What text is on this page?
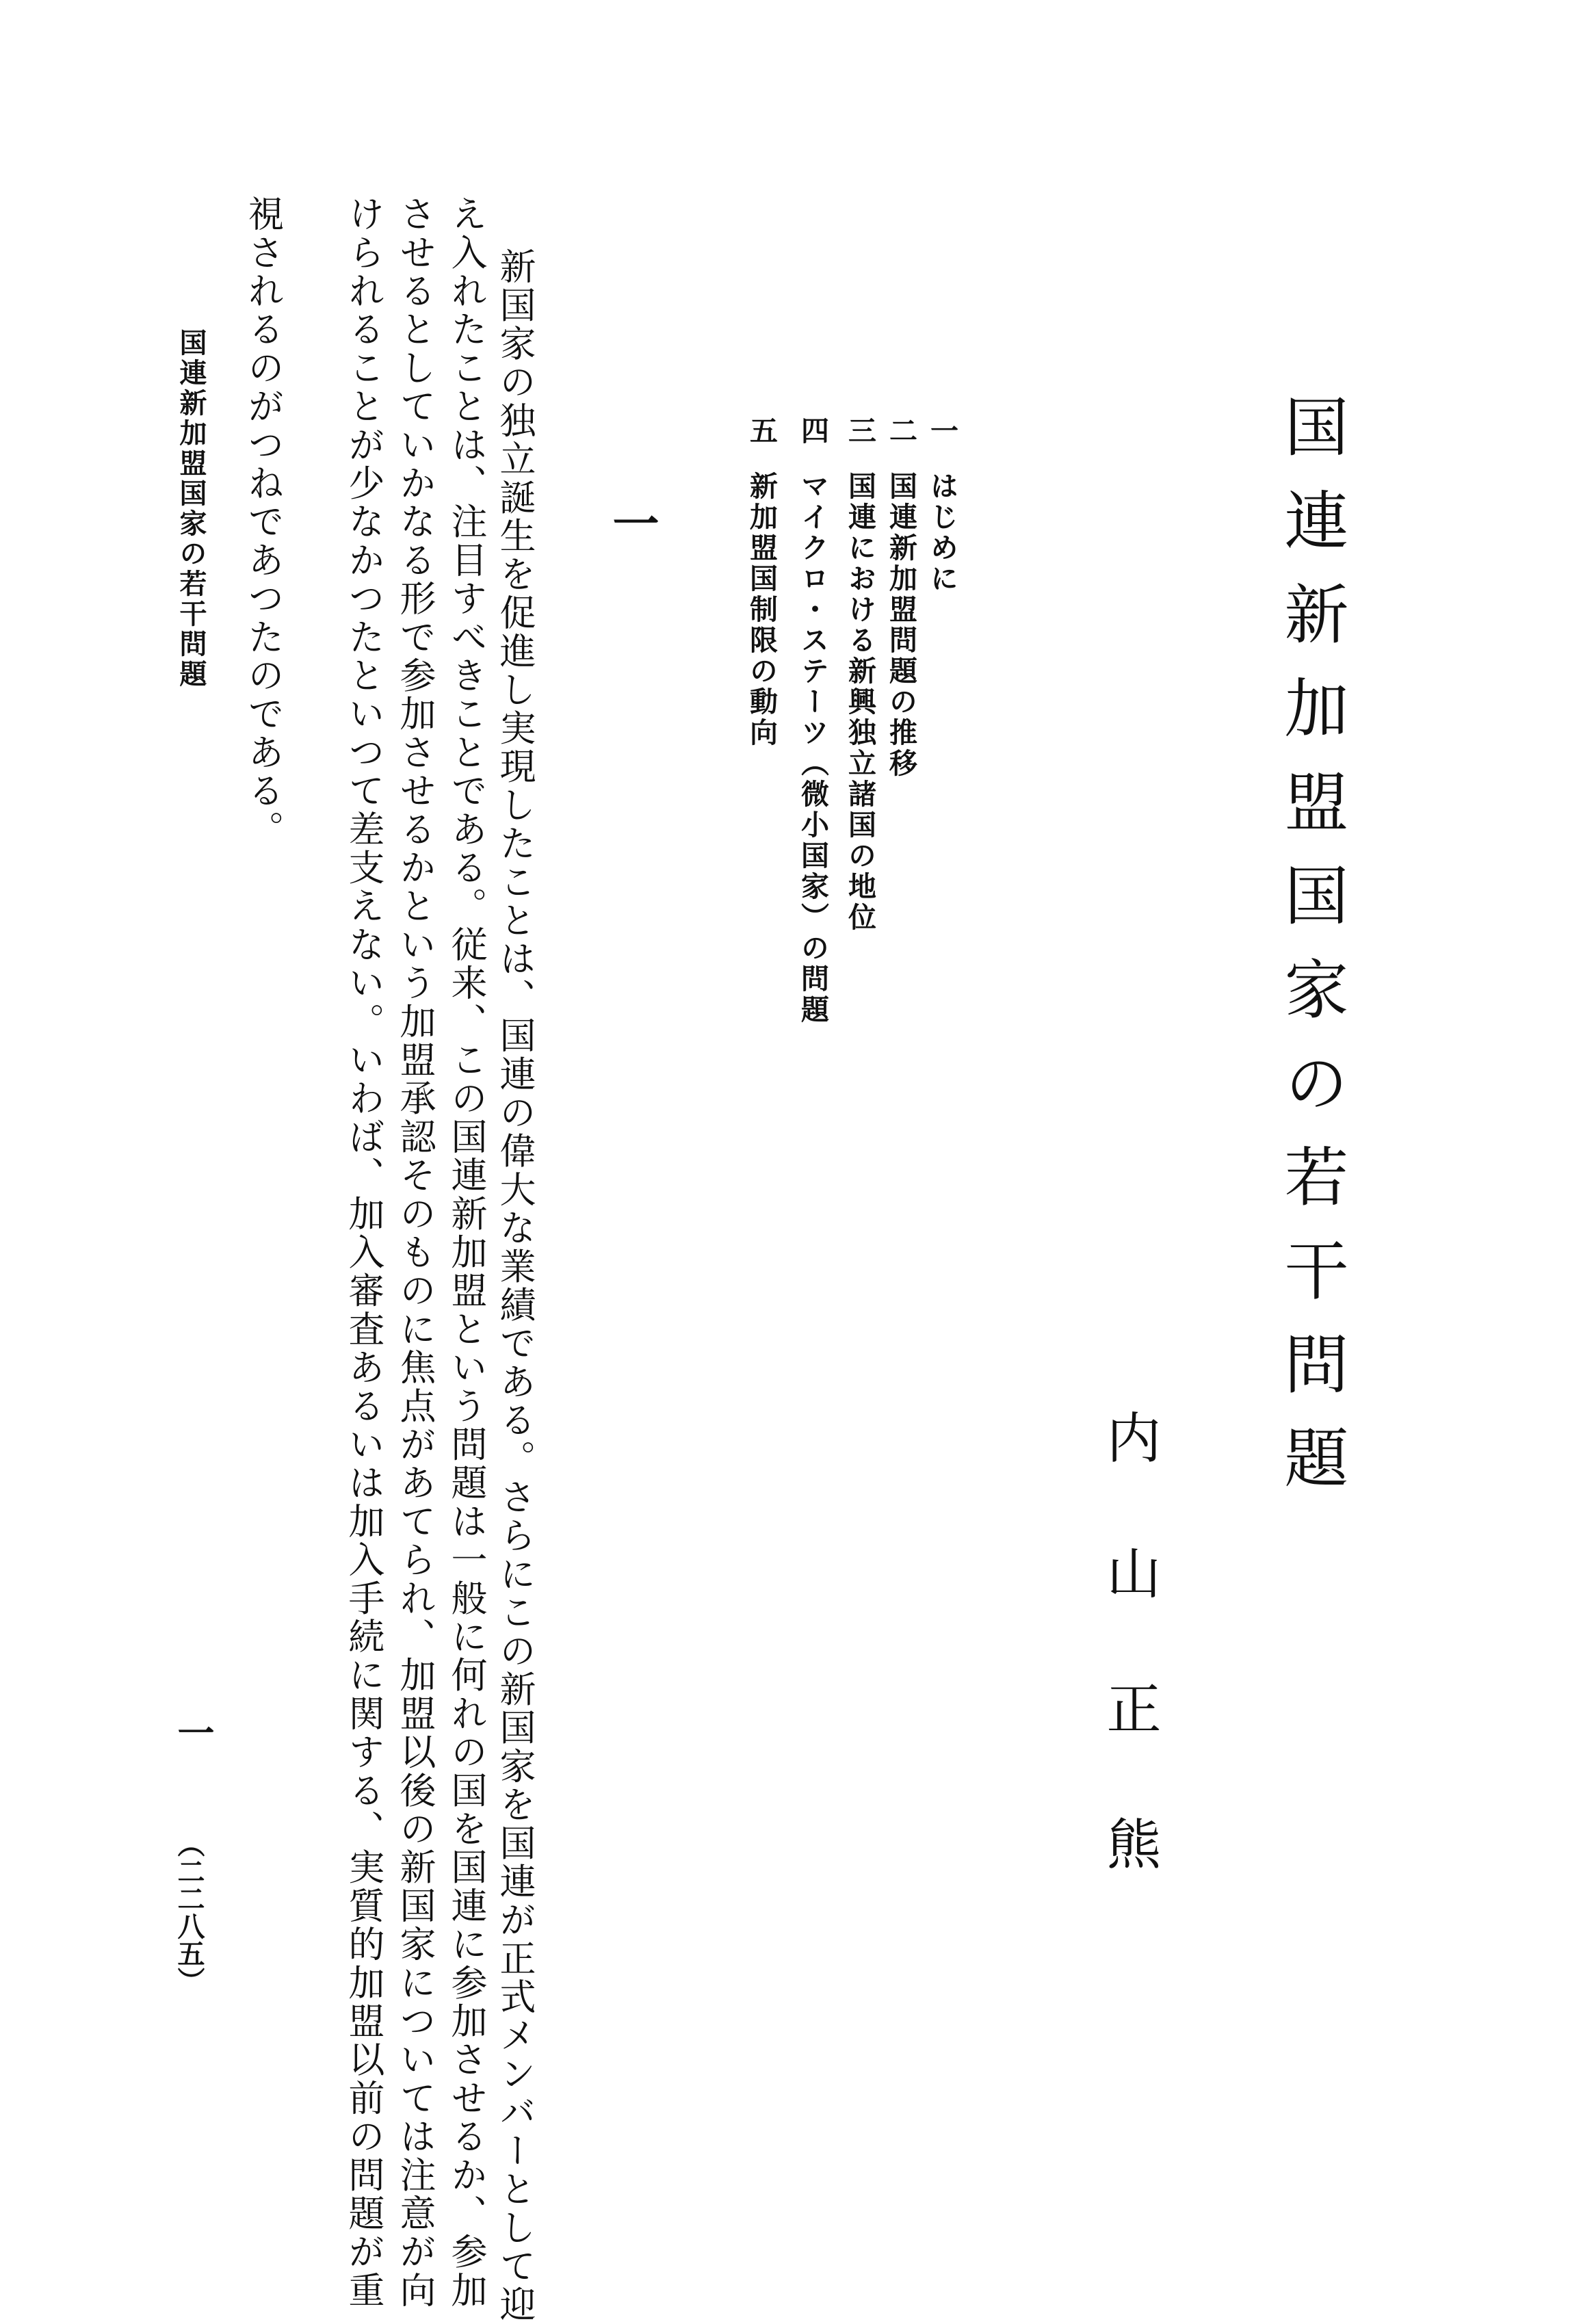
国連新加盟国家の若干問題
内山正熊
一はじめに
二国連新加盟問題の推移
三国連における新興独立諸国の地位
四マイクロ・ステーツ（微小国家）の問題
五新加盟国制限の動向
一
新国家の独立誕生を促進し実現したことは、国連の偉大な業績である。さらにこの新国家を国連が正式メンバーとして迎
え入れたことは、注目すべきことである。従来、この国連新加盟という問題は一般に何れの国を国連に参加させるか、参加
させるとしていかなる形で参加させるかという加盟承認そのものに焦点があてられ、加盟以後の新国家については注意が向
けられることが少なかつたといつて差支えない。いわば、加入審査あるいは加入手続に関する、実質的加盟以前の問題が重
視されるのがつねであつたのである。
国連新加盟国家の若干問題
一
（二二八五）
